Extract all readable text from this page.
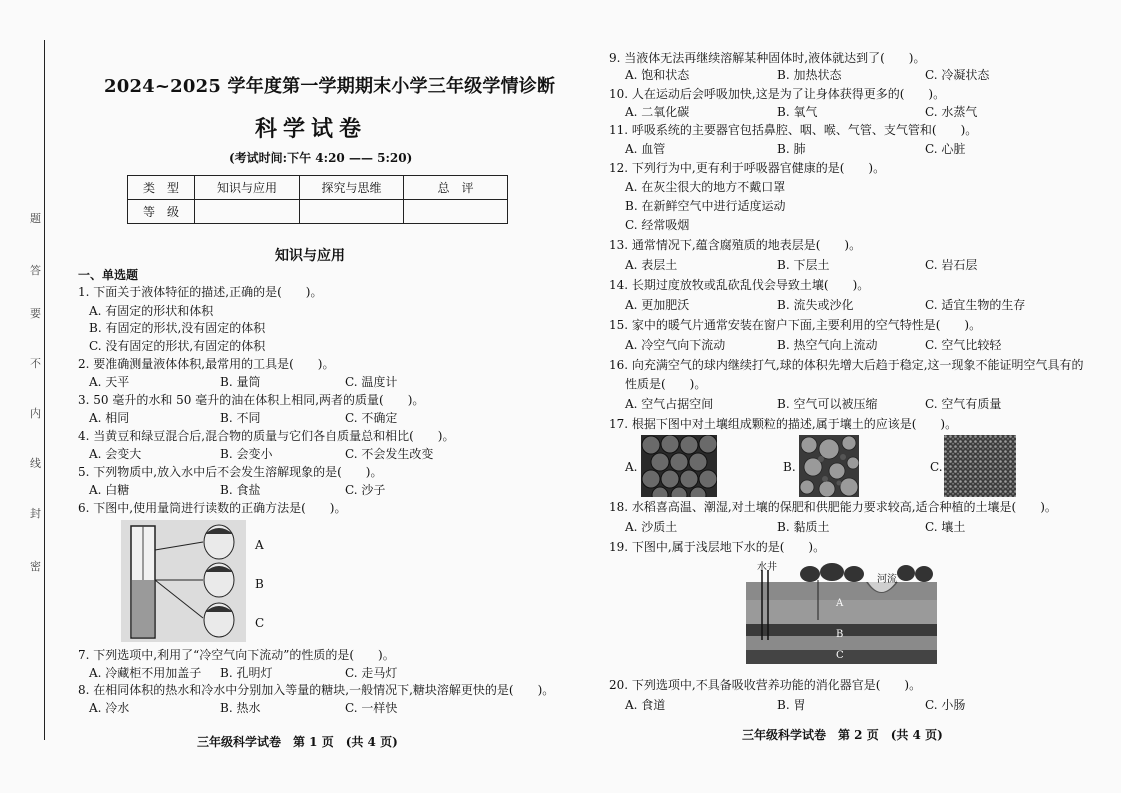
题
答
要
不
内
线
封
密
2024~2025 学年度第一学期期末小学三年级学情诊断
科学试卷
(考试时间:下午 4:20 —— 5:20)
类　型	知识与应用	探究与思维	总　评
等　级			
知识与应用
一、单选题
1. 下面关于液体特征的描述,正确的是(　　)。
A. 有固定的形状和体积
B. 有固定的形状,没有固定的体积
C. 没有固定的形状,有固定的体积
2. 要准确测量液体体积,最常用的工具是(　　)。
A. 天平	B. 量筒	C. 温度计
3. 50 毫升的水和 50 毫升的油在体积上相同,两者的质量(　　)。
A. 相同	B. 不同	C. 不确定
4. 当黄豆和绿豆混合后,混合物的质量与它们各自质量总和相比(　　)。
A. 会变大	B. 会变小	C. 不会发生改变
5. 下列物质中,放入水中后不会发生溶解现象的是(　　)。
A. 白糖	B. 食盐	C. 沙子
6. 下图中,使用量筒进行读数的正确方法是(　　)。
A
B
C
7. 下列选项中,利用了“冷空气向下流动”的性质的是(　　)。
A. 冷藏柜不用加盖子 B. 孔明灯	C. 走马灯
8. 在相同体积的热水和冷水中分别加入等量的糖块,一般情况下,糖块溶解更快的是(　　)。
A. 冷水	B. 热水	C. 一样快
三年级科学试卷　第 1 页　(共 4 页)
9. 当液体无法再继续溶解某种固体时,液体就达到了(　　)。
A. 饱和状态	B. 加热状态	C. 冷凝状态
10. 人在运动后会呼吸加快,这是为了让身体获得更多的(　　)。
A. 二氧化碳	B. 氧气	C. 水蒸气
11. 呼吸系统的主要器官包括鼻腔、咽、喉、气管、支气管和(　　)。
A. 血管	B. 肺	C. 心脏
12. 下列行为中,更有利于呼吸器官健康的是(　　)。
A. 在灰尘很大的地方不戴口罩
B. 在新鲜空气中进行适度运动
C. 经常吸烟
13. 通常情况下,蕴含腐殖质的地表层是(　　)。
A. 表层土	B. 下层土	C. 岩石层
14. 长期过度放牧或乱砍乱伐会导致土壤(　　)。
A. 更加肥沃	B. 流失或沙化	C. 适宜生物的生存
15. 家中的暖气片通常安装在窗户下面,主要利用的空气特性是(　　)。
A. 冷空气向下流动	B. 热空气向上流动	C. 空气比较轻
16. 向充满空气的球内继续打气,球的体积先增大后趋于稳定,这一现象不能证明空气具有的
性质是(　　)。
A. 空气占据空间	B. 空气可以被压缩	C. 空气有质量
17. 根据下图中对土壤组成颗粒的描述,属于壤土的应该是(　　)。
A.	B.	C.
18. 水稻喜高温、潮湿,对土壤的保肥和供肥能力要求较高,适合种植的土壤是(　　)。
A. 沙质土	B. 黏质土	C. 壤土
19. 下图中,属于浅层地下水的是(　　)。
水井
河流
A
B
C
20. 下列选项中,不具备吸收营养功能的消化器官是(　　)。
A. 食道	B. 胃	C. 小肠
三年级科学试卷　第 2 页　(共 4 页)
